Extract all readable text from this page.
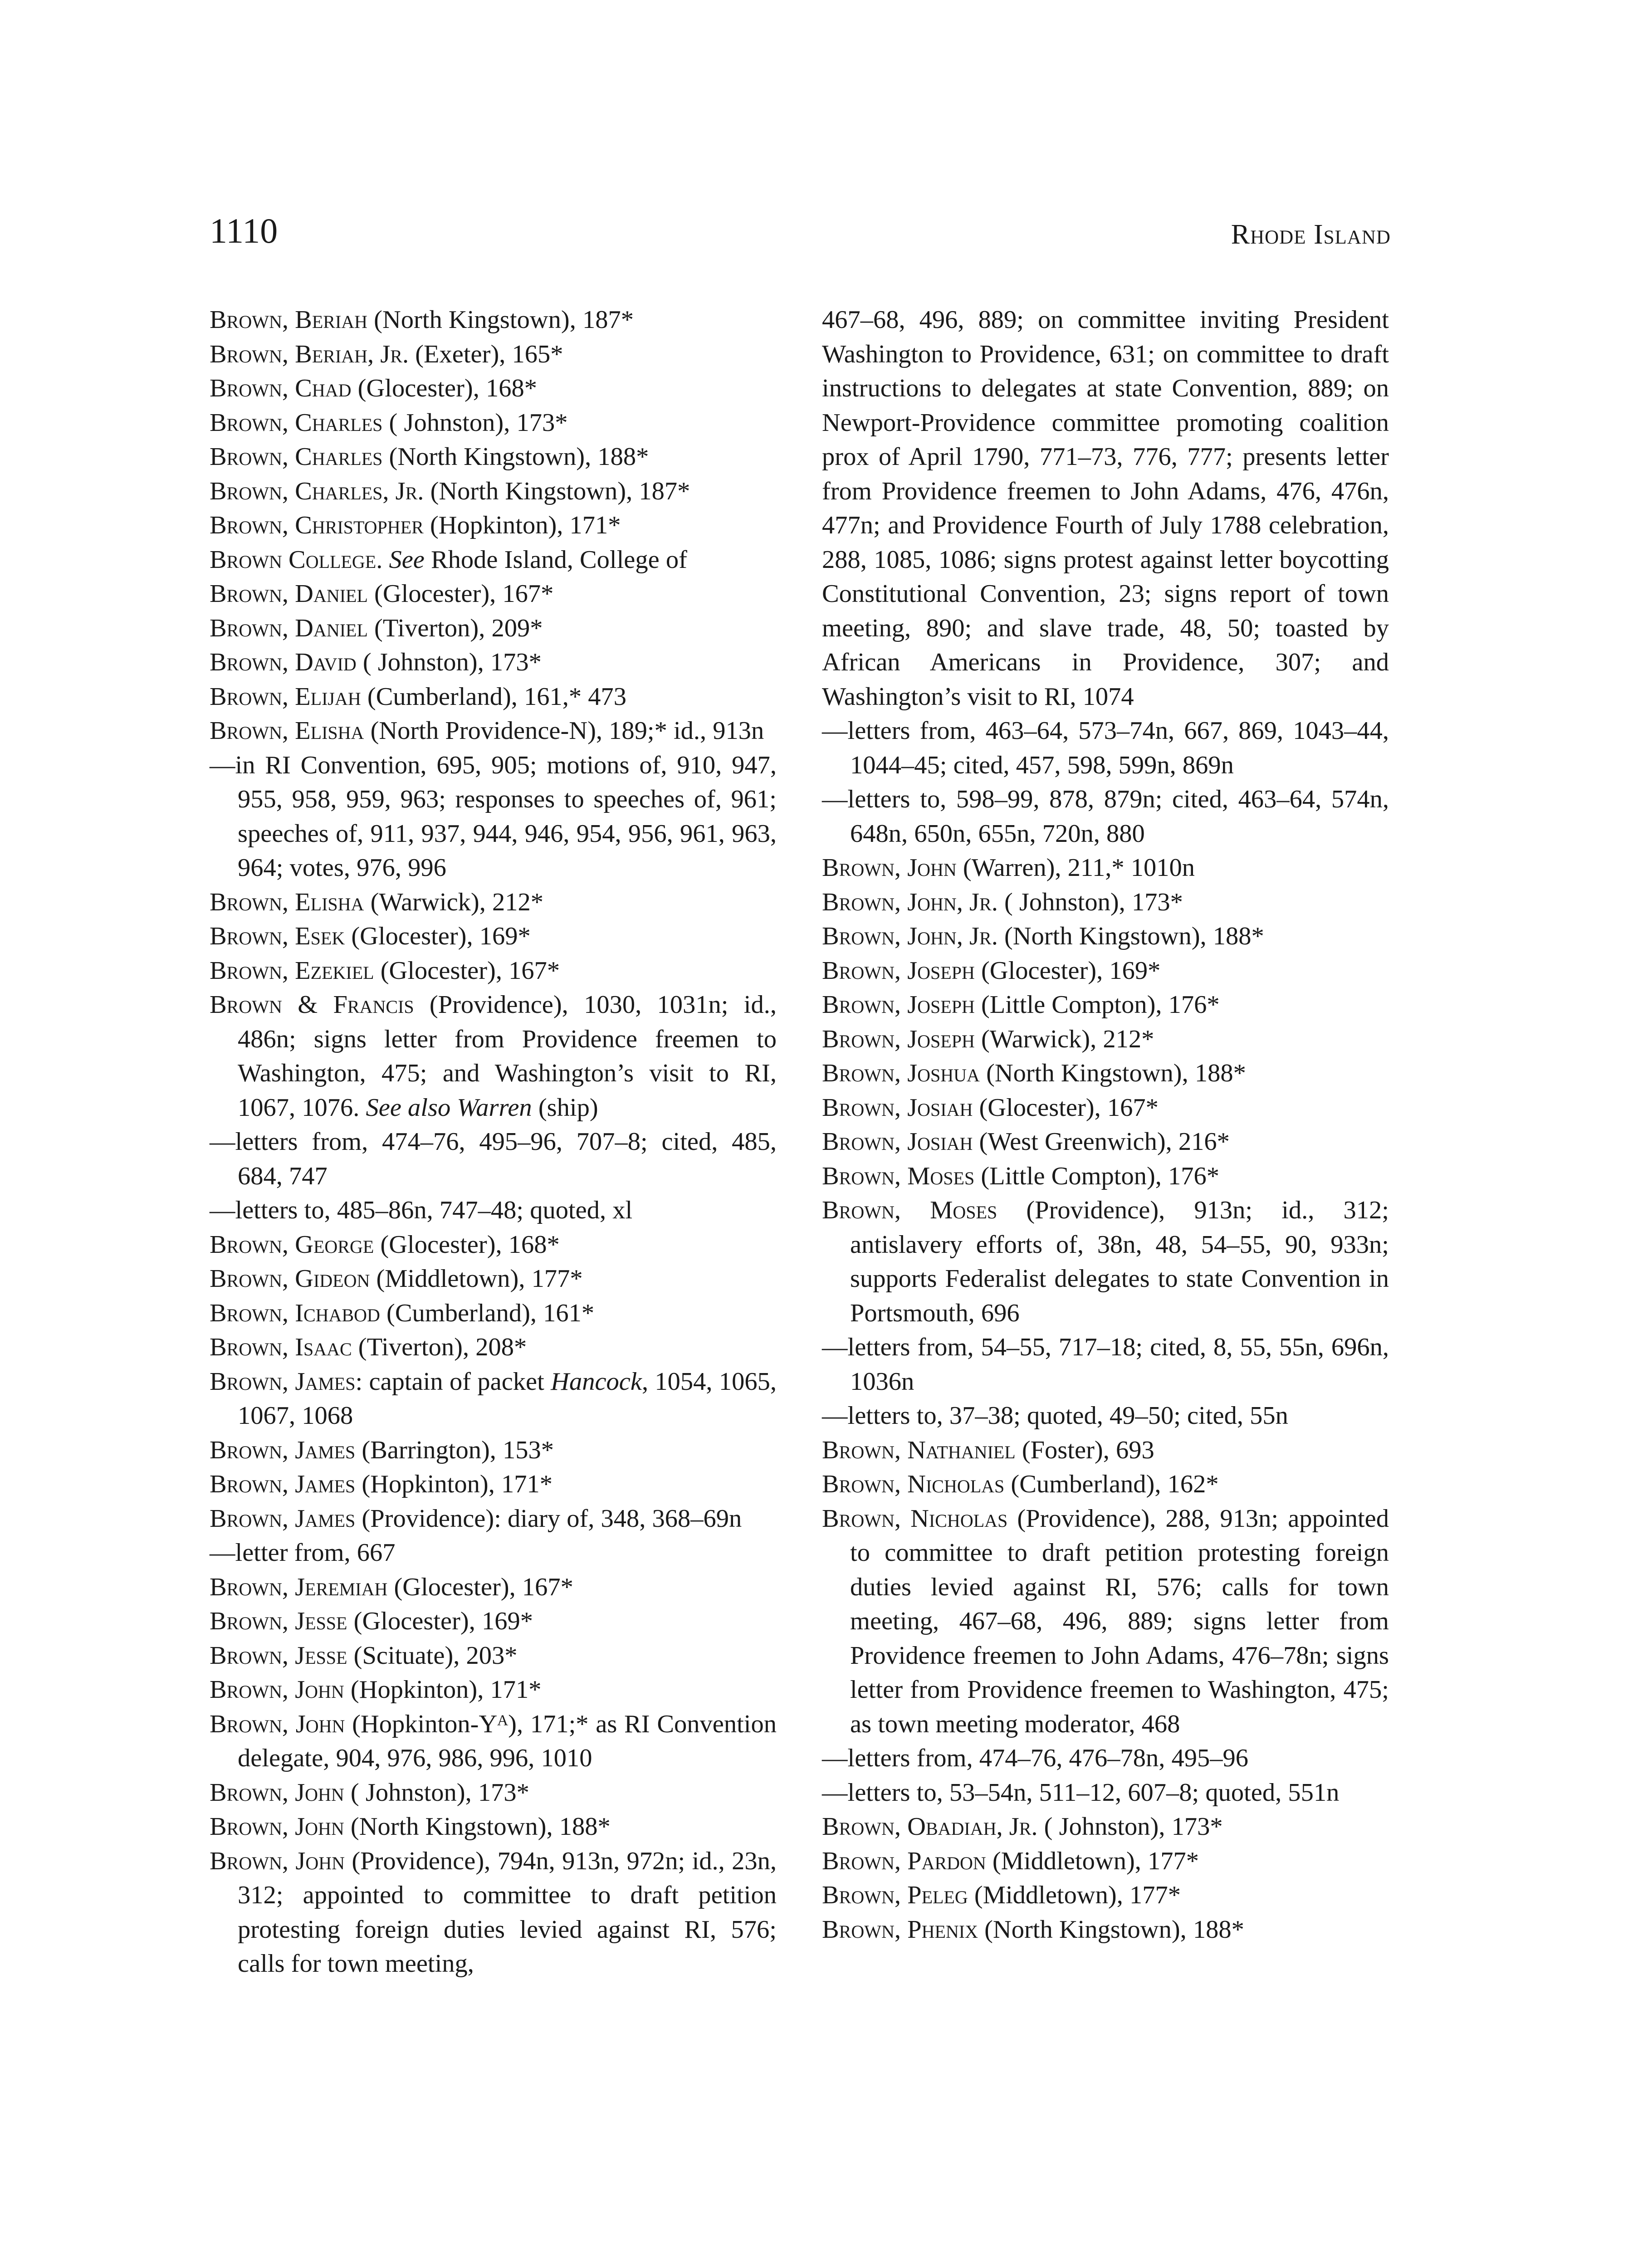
1110	Rhode Island

Brown, Beriah (North Kingstown), 187*

Brown, Beriah, Jr. (Exeter), 165*

Brown, Chad (Glocester), 168*

Brown, Charles ( Johnston), 173*

Brown, Charles (North Kingstown), 188*

Brown, Charles, Jr. (North Kingstown), 187*

Brown, Christopher (Hopkinton), 171*

Brown College. See Rhode Island, College of

Brown, Daniel (Glocester), 167*

Brown, Daniel (Tiverton), 209*

Brown, David ( Johnston), 173*

Brown, Elijah (Cumberland), 161,* 473

Brown, Elisha (North Providence-N), 189;* id., 913n

—in RI Convention, 695, 905; motions of, 910, 947, 955, 958, 959, 963; responses to speeches of, 961; speeches of, 911, 937, 944, 946, 954, 956, 961, 963, 964; votes, 976, 996

Brown, Elisha (Warwick), 212*

Brown, Esek (Glocester), 169*

Brown, Ezekiel (Glocester), 167*

Brown & Francis (Providence), 1030, 1031n; id., 486n; signs letter from Providence freemen to Washington, 475; and Washington’s visit to RI, 1067, 1076. See also Warren (ship)

—letters from, 474–76, 495–96, 707–8; cited, 485, 684, 747

—letters to, 485–86n, 747–48; quoted, xl

Brown, George (Glocester), 168*

Brown, Gideon (Middletown), 177*

Brown, Ichabod (Cumberland), 161*

Brown, Isaac (Tiverton), 208*

Brown, James: captain of packet Hancock, 1054, 1065, 1067, 1068

Brown, James (Barrington), 153*

Brown, James (Hopkinton), 171*

Brown, James (Providence): diary of, 348, 368–69n

—letter from, 667

Brown, Jeremiah (Glocester), 167*

Brown, Jesse (Glocester), 169*

Brown, Jesse (Scituate), 203*

Brown, John (Hopkinton), 171*

Brown, John (Hopkinton-Yᴬ), 171;* as RI Convention delegate, 904, 976, 986, 996, 1010

Brown, John ( Johnston), 173*

Brown, John (North Kingstown), 188*

Brown, John (Providence), 794n, 913n, 972n; id., 23n, 312; appointed to committee to draft petition protesting foreign duties levied against RI, 576; calls for town meeting,

467–68, 496, 889; on committee inviting President Washington to Providence, 631; on committee to draft instructions to delegates at state Convention, 889; on Newport-Providence committee promoting coalition prox of April 1790, 771–73, 776, 777; presents letter from Providence freemen to John Adams, 476, 476n, 477n; and Providence Fourth of July 1788 celebration, 288, 1085, 1086; signs protest against letter boycotting Constitutional Convention, 23; signs report of town meeting, 890; and slave trade, 48, 50; toasted by African Americans in Providence, 307; and Washington’s visit to RI, 1074

—letters from, 463–64, 573–74n, 667, 869, 1043–44, 1044–45; cited, 457, 598, 599n, 869n

—letters to, 598–99, 878, 879n; cited, 463–64, 574n, 648n, 650n, 655n, 720n, 880

Brown, John (Warren), 211,* 1010n

Brown, John, Jr. ( Johnston), 173*

Brown, John, Jr. (North Kingstown), 188*

Brown, Joseph (Glocester), 169*

Brown, Joseph (Little Compton), 176*

Brown, Joseph (Warwick), 212*

Brown, Joshua (North Kingstown), 188*

Brown, Josiah (Glocester), 167*

Brown, Josiah (West Greenwich), 216*

Brown, Moses (Little Compton), 176*

Brown, Moses (Providence), 913n; id., 312; antislavery efforts of, 38n, 48, 54–55, 90, 933n; supports Federalist delegates to state Convention in Portsmouth, 696

—letters from, 54–55, 717–18; cited, 8, 55, 55n, 696n, 1036n

—letters to, 37–38; quoted, 49–50; cited, 55n

Brown, Nathaniel (Foster), 693

Brown, Nicholas (Cumberland), 162*

Brown, Nicholas (Providence), 288, 913n; appointed to committee to draft petition protesting foreign duties levied against RI, 576; calls for town meeting, 467–68, 496, 889; signs letter from Providence freemen to John Adams, 476–78n; signs letter from Providence freemen to Washington, 475; as town meeting moderator, 468

—letters from, 474–76, 476–78n, 495–96

—letters to, 53–54n, 511–12, 607–8; quoted, 551n

Brown, Obadiah, Jr. ( Johnston), 173*

Brown, Pardon (Middletown), 177*

Brown, Peleg (Middletown), 177*

Brown, Phenix (North Kingstown), 188*
